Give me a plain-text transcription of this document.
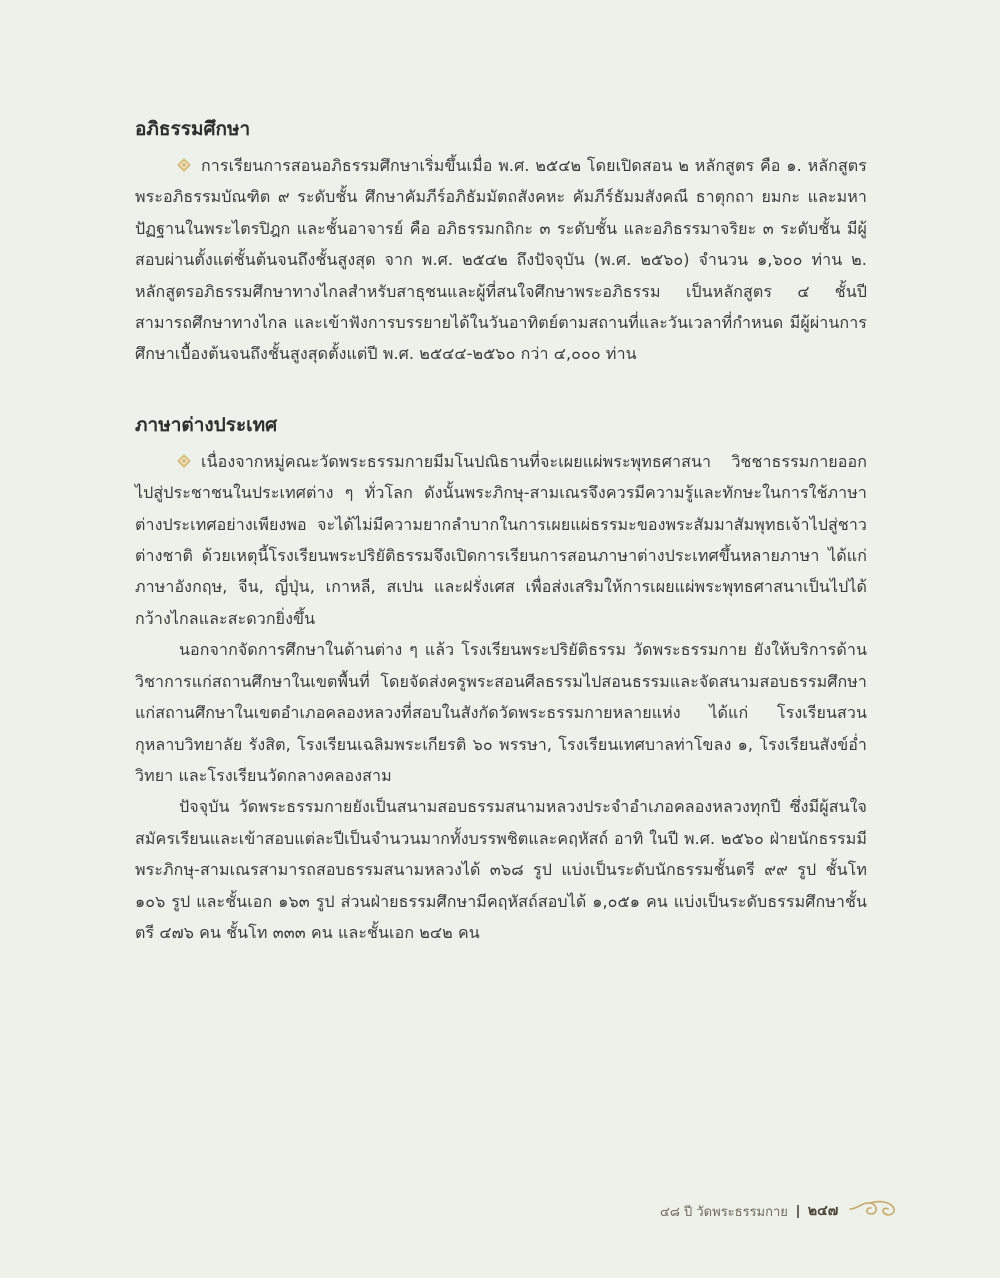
อภิธรรมศึกษา

การเรียนการสอนอภิธรรมศึกษาเริ่มขึ้นเมื่อ พ.ศ. ๒๕๔๒ โดยเปิดสอน ๒ หลักสูตร คือ ๑. หลักสูตรพระอภิธรรมบัณฑิต ๙ ระดับชั้น ศึกษาคัมภีร์อภิธัมมัตถสังคหะ คัมภีร์ธัมมสังคณี ธาตุกถา ยมกะ และมหาปัฏฐานในพระไตรปิฎก และชั้นอาจารย์ คือ อภิธรรมกถิกะ ๓ ระดับชั้น และอภิธรรมาจริยะ ๓ ระดับชั้น มีผู้สอบผ่านตั้งแต่ชั้นต้นจนถึงชั้นสูงสุด จาก พ.ศ. ๒๕๔๒ ถึงปัจจุบัน (พ.ศ. ๒๕๖๐) จำนวน ๑,๖๐๐ ท่าน ๒. หลักสูตรอภิธรรมศึกษาทางไกลสำหรับสาธุชนและผู้ที่สนใจศึกษาพระอภิธรรม เป็นหลักสูตร ๔ ชั้นปี สามารถศึกษาทางไกล และเข้าฟังการบรรยายได้ในวันอาทิตย์ตามสถานที่และวันเวลาที่กำหนด มีผู้ผ่านการศึกษาเบื้องต้นจนถึงชั้นสูงสุดตั้งแต่ปี พ.ศ. ๒๕๔๔-๒๕๖๐ กว่า ๔,๐๐๐ ท่าน

ภาษาต่างประเทศ

เนื่องจากหมู่คณะวัดพระธรรมกายมีมโนปณิธานที่จะเผยแผ่พระพุทธศาสนา วิชชาธรรมกายออกไปสู่ประชาชนในประเทศต่าง ๆ ทั่วโลก ดังนั้นพระภิกษุ-สามเณรจึงควรมีความรู้และทักษะในการใช้ภาษาต่างประเทศอย่างเพียงพอ จะได้ไม่มีความยากลำบากในการเผยแผ่ธรรมะของพระสัมมาสัมพุทธเจ้าไปสู่ชาวต่างชาติ ด้วยเหตุนี้โรงเรียนพระปริยัติธรรมจึงเปิดการเรียนการสอนภาษาต่างประเทศขึ้นหลายภาษา ได้แก่ ภาษาอังกฤษ, จีน, ญี่ปุ่น, เกาหลี, สเปน และฝรั่งเศส เพื่อส่งเสริมให้การเผยแผ่พระพุทธศาสนาเป็นไปได้กว้างไกลและสะดวกยิ่งขึ้น

นอกจากจัดการศึกษาในด้านต่าง ๆ แล้ว โรงเรียนพระปริยัติธรรม วัดพระธรรมกาย ยังให้บริการด้านวิชาการแก่สถานศึกษาในเขตพื้นที่ โดยจัดส่งครูพระสอนศีลธรรมไปสอนธรรมและจัดสนามสอบธรรมศึกษาแก่สถานศึกษาในเขตอำเภอคลองหลวงที่สอบในสังกัดวัดพระธรรมกายหลายแห่ง ได้แก่ โรงเรียนสวนกุหลาบวิทยาลัย รังสิต, โรงเรียนเฉลิมพระเกียรติ ๖๐ พรรษา, โรงเรียนเทศบาลท่าโขลง ๑, โรงเรียนสังข์อ่ำวิทยา และโรงเรียนวัดกลางคลองสาม

ปัจจุบัน วัดพระธรรมกายยังเป็นสนามสอบธรรมสนามหลวงประจำอำเภอคลองหลวงทุกปี ซึ่งมีผู้สนใจสมัครเรียนและเข้าสอบแต่ละปีเป็นจำนวนมากทั้งบรรพชิตและคฤหัสถ์ อาทิ ในปี พ.ศ. ๒๕๖๐ ฝ่ายนักธรรมมีพระภิกษุ-สามเณรสามารถสอบธรรมสนามหลวงได้ ๓๖๘ รูป แบ่งเป็นระดับนักธรรมชั้นตรี ๙๙ รูป ชั้นโท ๑๐๖ รูป และชั้นเอก ๑๖๓ รูป ส่วนฝ่ายธรรมศึกษามีคฤหัสถ์สอบได้ ๑,๐๕๑ คน แบ่งเป็นระดับธรรมศึกษาชั้นตรี ๔๗๖ คน ชั้นโท ๓๓๓ คน และชั้นเอก ๒๔๒ คน

๔๘ ปี วัดพระธรรมกาย ๒๔๗
